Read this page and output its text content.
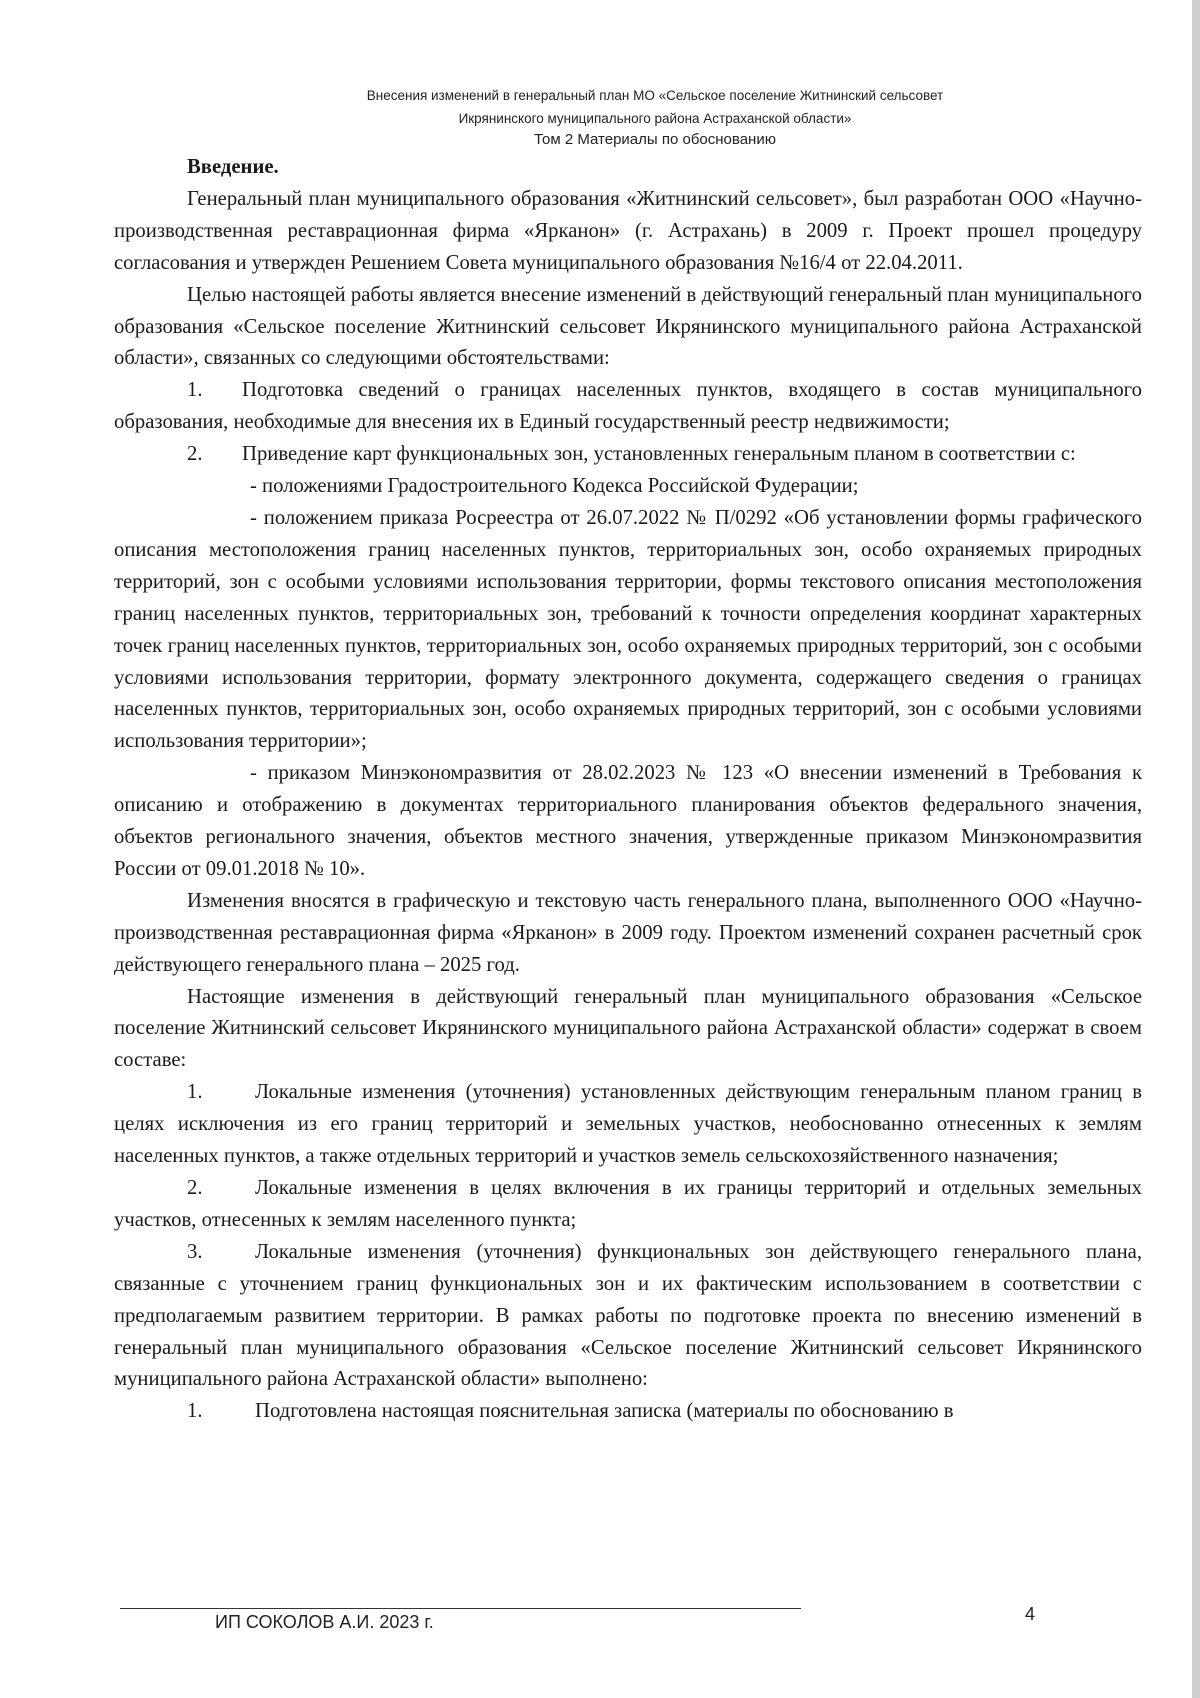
Внесения изменений в генеральный план МО «Сельское поселение Житнинский сельсовет
Икрянинского муниципального района Астраханской области»
Том 2 Материалы по обоснованию

Введение.

Генеральный план муниципального образования «Житнинский сельсовет», был разработан ООО «Научно-производственная реставрационная фирма «Ярканон» (г. Астрахань) в 2009 г. Проект прошел процедуру согласования и утвержден Решением Совета муниципального образования №16/4 от 22.04.2011.

Целью настоящей работы является внесение изменений в действующий генеральный план муниципального образования «Сельское поселение Житнинский сельсовет Икрянинского муниципального района Астраханской области», связанных со следующими обстоятельствами:

1. Подготовка сведений о границах населенных пунктов, входящего в состав муниципального образования, необходимые для внесения их в Единый государственный реестр недвижимости;

2. Приведение карт функциональных зон, установленных генеральным планом в соответствии с:

- положениями Градостроительного Кодекса Российской Фудерации;

- положением приказа Росреестра от 26.07.2022 № П/0292 «Об установлении формы графического описания местоположения границ населенных пунктов, территориальных зон, особо охраняемых природных территорий, зон с особыми условиями использования территории, формы текстового описания местоположения границ населенных пунктов, территориальных зон, требований к точности определения координат характерных точек границ населенных пунктов, территориальных зон, особо охраняемых природных территорий, зон с особыми условиями использования территории, формату электронного документа, содержащего сведения о границах населенных пунктов, территориальных зон, особо охраняемых природных территорий, зон с особыми условиями использования территории»;

- приказом Минэкономразвития от 28.02.2023 № 123 «О внесении изменений в Требования к описанию и отображению в документах территориального планирования объектов федерального значения, объектов регионального значения, объектов местного значения, утвержденные приказом Минэкономразвития России от 09.01.2018 № 10».

Изменения вносятся в графическую и текстовую часть генерального плана, выполненного ООО «Научно-производственная реставрационная фирма «Ярканон» в 2009 году. Проектом изменений сохранен расчетный срок действующего генерального плана – 2025 год.

Настоящие изменения в действующий генеральный план муниципального образования «Сельское поселение Житнинский сельсовет Икрянинского муниципального района Астраханской области» содержат в своем составе:

1.	Локальные изменения (уточнения) установленных действующим генеральным планом границ в целях исключения из его границ территорий и земельных участков, необоснованно отнесенных к землям населенных пунктов, а также отдельных территорий и участков земель сельскохозяйственного назначения;

2.	Локальные изменения в целях включения в их границы территорий и отдельных земельных участков, отнесенных к землям населенного пункта;

3.	Локальные изменения (уточнения) функциональных зон действующего генерального плана, связанные с уточнением границ функциональных зон и их фактическим использованием в соответствии с предполагаемым развитием территории. В рамках работы по подготовке проекта по внесению изменений в генеральный план муниципального образования «Сельское поселение Житнинский сельсовет Икрянинского муниципального района Астраханской области» выполнено:

1.	Подготовлена настоящая пояснительная записка (материалы по обоснованию в

ИП СОКОЛОВ А.И. 2023 г.	4
